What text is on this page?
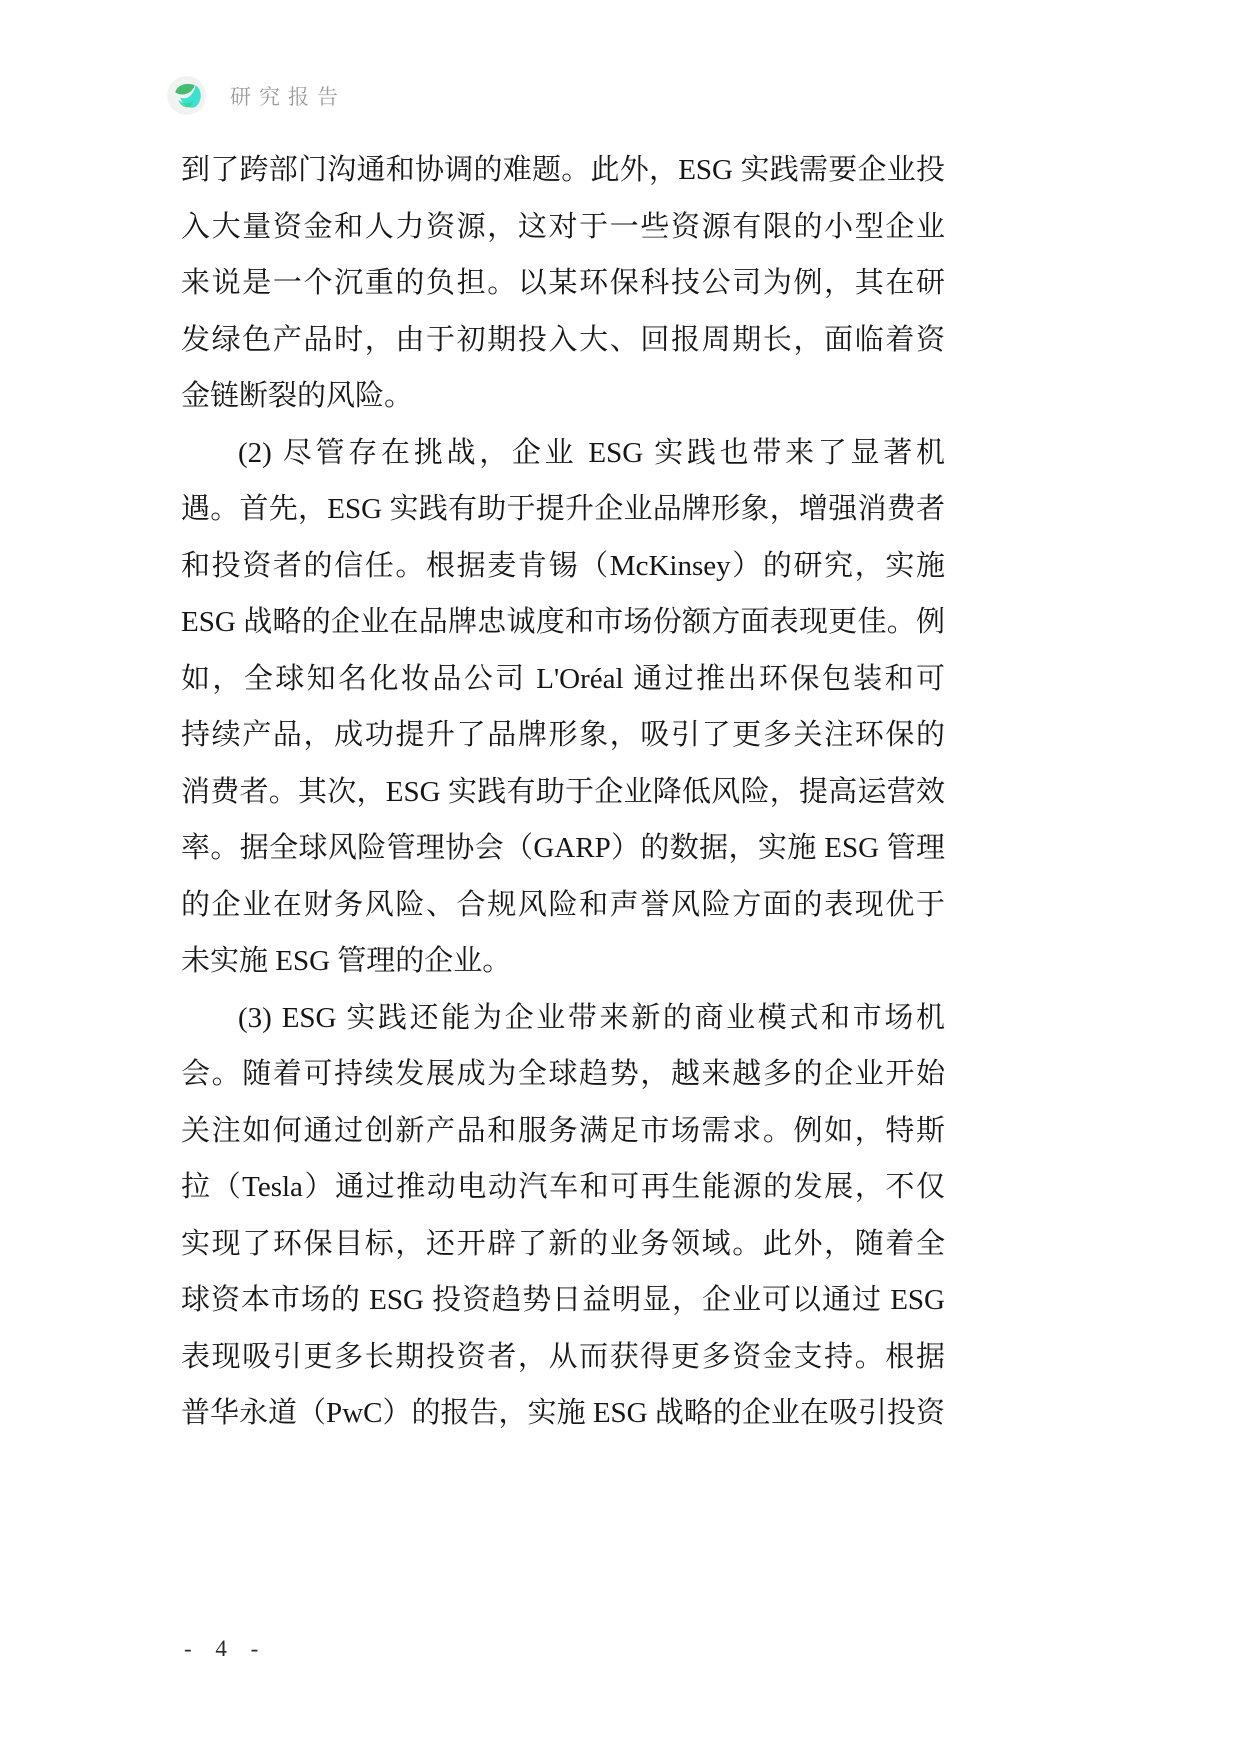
研究报告
到了跨部门沟通和协调的难题。此外，ESG 实践需要企业投
入大量资金和人力资源，这对于一些资源有限的小型企业
来说是一个沉重的负担。以某环保科技公司为例，其在研
发绿色产品时，由于初期投入大、回报周期长，面临着资
金链断裂的风险。
(2) 尽管存在挑战，企业 ESG 实践也带来了显著机
遇。首先，ESG 实践有助于提升企业品牌形象，增强消费者
和投资者的信任。根据麦肯锡（McKinsey）的研究，实施
ESG 战略的企业在品牌忠诚度和市场份额方面表现更佳。例
如，全球知名化妆品公司 L'Oréal 通过推出环保包装和可
持续产品，成功提升了品牌形象，吸引了更多关注环保的
消费者。其次，ESG 实践有助于企业降低风险，提高运营效
率。据全球风险管理协会（GARP）的数据，实施 ESG 管理
的企业在财务风险、合规风险和声誉风险方面的表现优于
未实施 ESG 管理的企业。
(3) ESG 实践还能为企业带来新的商业模式和市场机
会。随着可持续发展成为全球趋势，越来越多的企业开始
关注如何通过创新产品和服务满足市场需求。例如，特斯
拉（Tesla）通过推动电动汽车和可再生能源的发展，不仅
实现了环保目标，还开辟了新的业务领域。此外，随着全
球资本市场的 ESG 投资趋势日益明显，企业可以通过 ESG
表现吸引更多长期投资者，从而获得更多资金支持。根据
普华永道（PwC）的报告，实施 ESG 战略的企业在吸引投资
- 4 -
